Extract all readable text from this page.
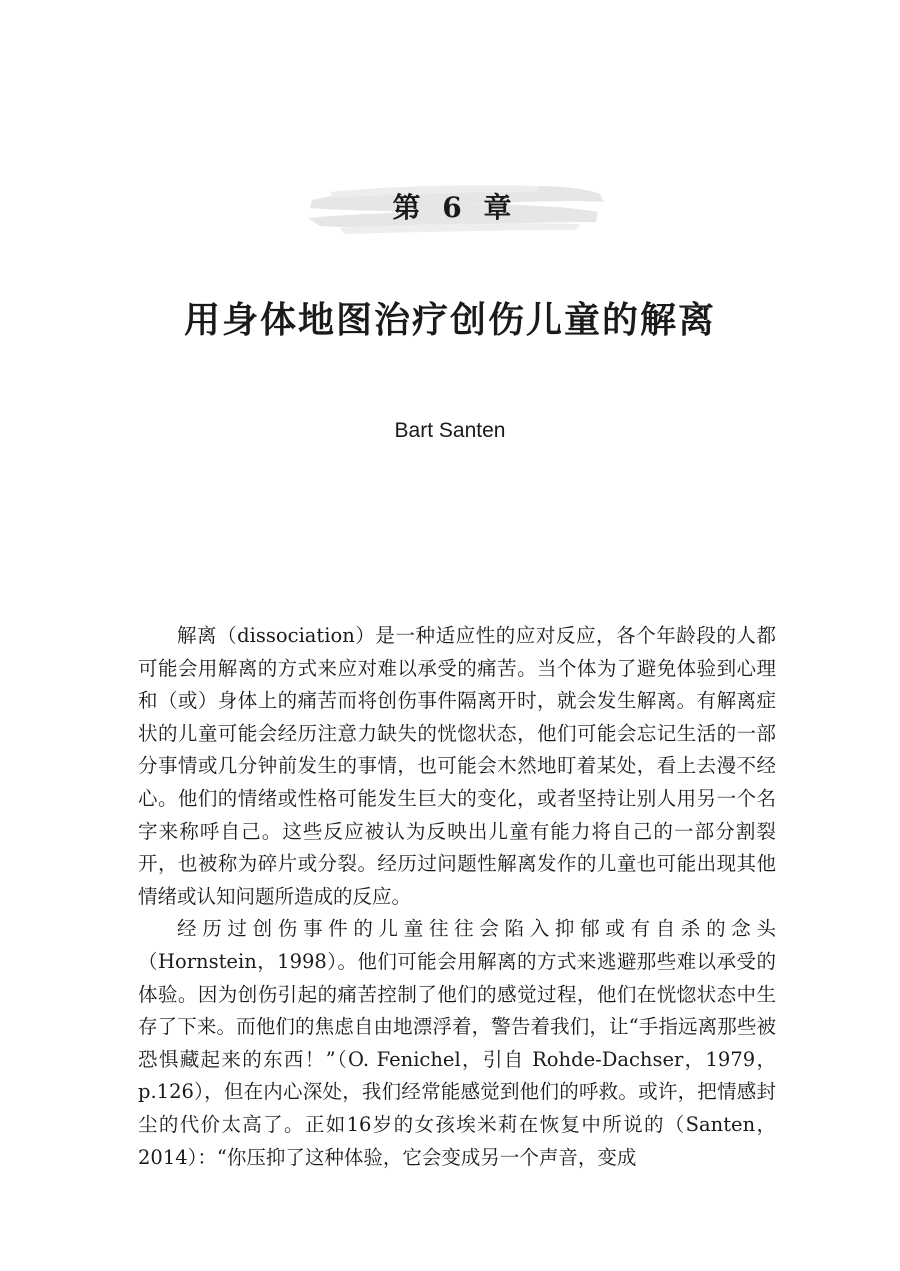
第 6 章
用身体地图治疗创伤儿童的解离
Bart Santen

解离（dissociation）是一种适应性的应对反应，各个年龄段的人都可能会用解离的方式来应对难以承受的痛苦。当个体为了避免体验到心理和（或）身体上的痛苦而将创伤事件隔离开时，就会发生解离。有解离症状的儿童可能会经历注意力缺失的恍惚状态，他们可能会忘记生活的一部分事情或几分钟前发生的事情，也可能会木然地盯着某处，看上去漫不经心。他们的情绪或性格可能发生巨大的变化，或者坚持让别人用另一个名字来称呼自己。这些反应被认为反映出儿童有能力将自己的一部分割裂开，也被称为碎片或分裂。经历过问题性解离发作的儿童也可能出现其他情绪或认知问题所造成的反应。

经历过创伤事件的儿童往往会陷入抑郁或有自杀的念头（Hornstein，1998）。他们可能会用解离的方式来逃避那些难以承受的体验。因为创伤引起的痛苦控制了他们的感觉过程，他们在恍惚状态中生存了下来。而他们的焦虑自由地漂浮着，警告着我们，让“手指远离那些被恐惧藏起来的东西！”（O. Fenichel，引自 Rohde-Dachser，1979，p.126），但在内心深处，我们经常能感觉到他们的呼救。或许，把情感封尘的代价太高了。正如16岁的女孩埃米莉在恢复中所说的（Santen，2014）：“你压抑了这种体验，它会变成另一个声音，变成
